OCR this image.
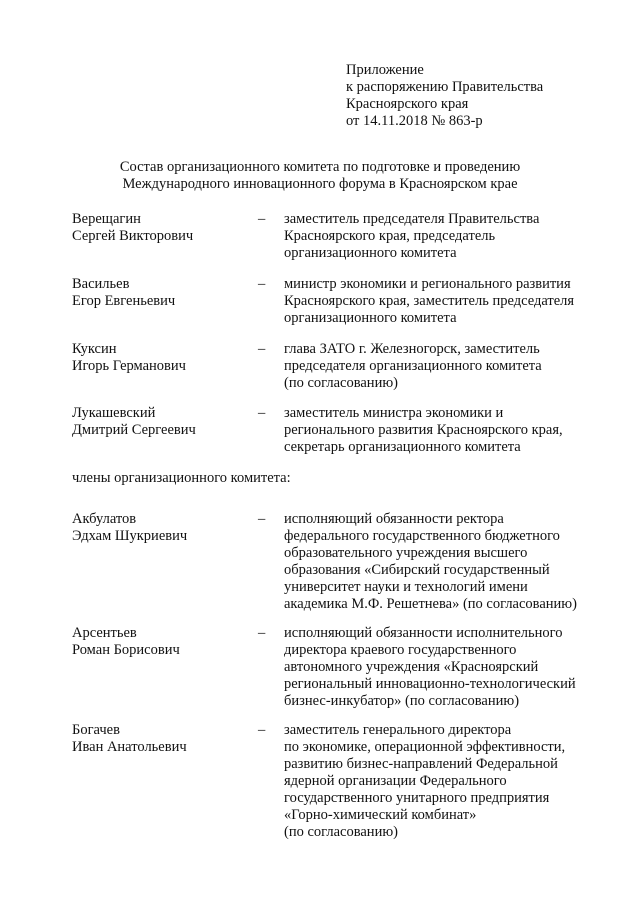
Приложение
к распоряжению Правительства
Красноярского края
от 14.11.2018 № 863-р
Состав организационного комитета по подготовке и проведению
Международного инновационного форума в Красноярском крае
Верещагин
Сергей Викторович
– заместитель председателя Правительства
Красноярского края, председатель
организационного комитета
Васильев
Егор Евгеньевич
– министр экономики и регионального развития
Красноярского края, заместитель председателя
организационного комитета
Куксин
Игорь Германович
– глава ЗАТО г. Железногорск, заместитель
председателя организационного комитета
(по согласованию)
Лукашевский
Дмитрий Сергеевич
– заместитель министра экономики и
регионального развития Красноярского края,
секретарь организационного комитета
члены организационного комитета:
Акбулатов
Эдхам Шукриевич
– исполняющий обязанности ректора
федерального государственного бюджетного
образовательного учреждения высшего
образования «Сибирский государственный
университет науки и технологий имени
академика М.Ф. Решетнева» (по согласованию)
Арсентьев
Роман Борисович
– исполняющий обязанности исполнительного
директора краевого государственного
автономного учреждения «Красноярский
региональный инновационно-технологический
бизнес-инкубатор» (по согласованию)
Богачев
Иван Анатольевич
– заместитель генерального директора
по экономике, операционной эффективности,
развитию бизнес-направлений Федеральной
ядерной организации Федерального
государственного унитарного предприятия
«Горно-химический комбинат»
(по согласованию)
